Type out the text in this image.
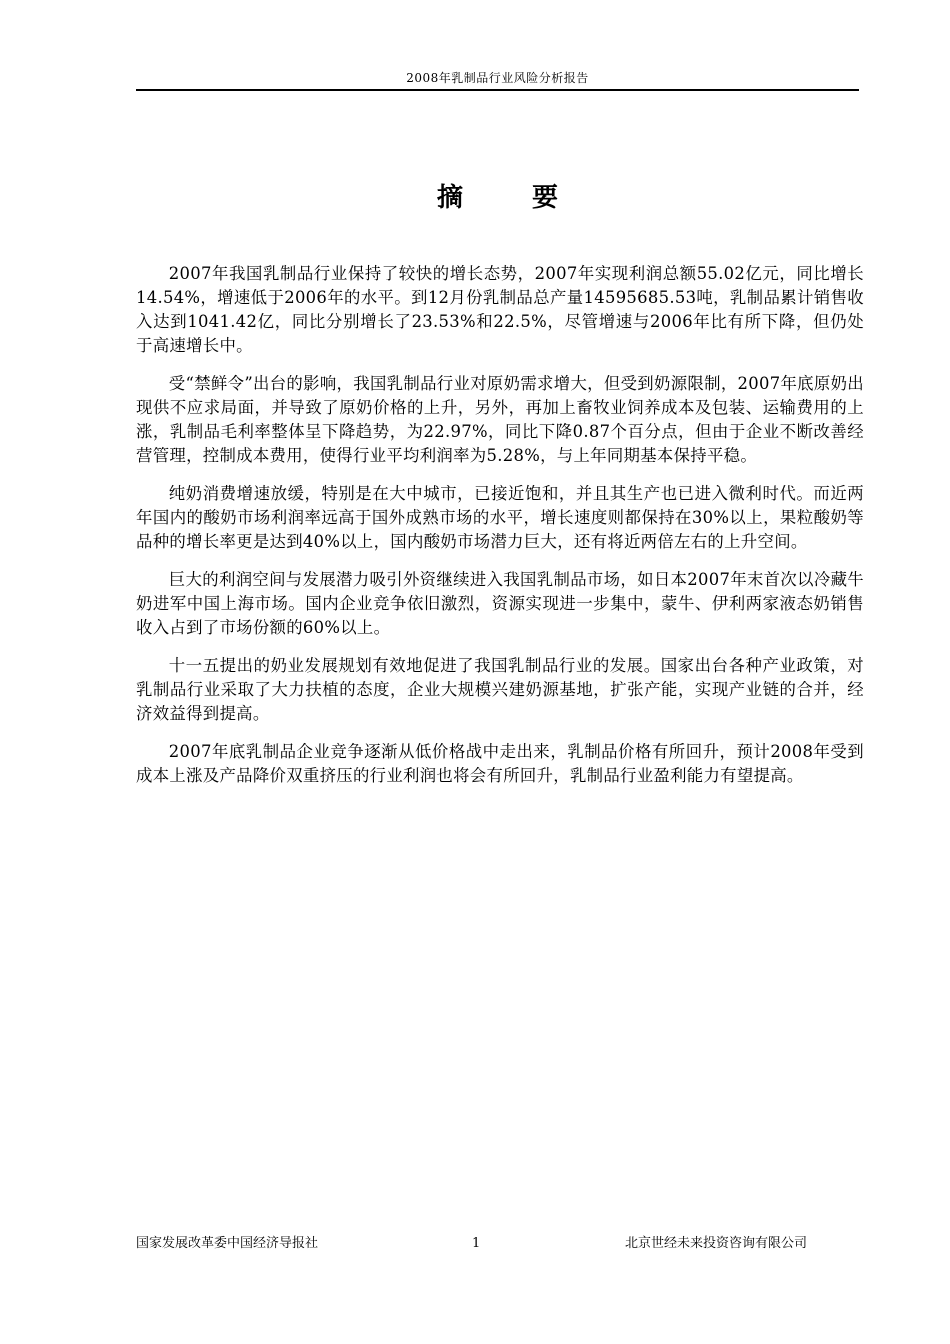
2008年乳制品行业风险分析报告
摘 要

2007年我国乳制品行业保持了较快的增长态势，2007年实现利润总额55.02亿元，同比增长14.54%，增速低于2006年的水平。到12月份乳制品总产量14595685.53吨，乳制品累计销售收入达到1041.42亿，同比分别增长了23.53%和22.5%，尽管增速与2006年比有所下降，但仍处于高速增长中。

受“禁鲜令”出台的影响，我国乳制品行业对原奶需求增大，但受到奶源限制，2007年底原奶出现供不应求局面，并导致了原奶价格的上升，另外，再加上畜牧业饲养成本及包装、运输费用的上涨，乳制品毛利率整体呈下降趋势，为22.97%，同比下降0.87个百分点，但由于企业不断改善经营管理，控制成本费用，使得行业平均利润率为5.28%，与上年同期基本保持平稳。

纯奶消费增速放缓，特别是在大中城市，已接近饱和，并且其生产也已进入微利时代。而近两年国内的酸奶市场利润率远高于国外成熟市场的水平，增长速度则都保持在30%以上，果粒酸奶等品种的增长率更是达到40%以上，国内酸奶市场潜力巨大，还有将近两倍左右的上升空间。

巨大的利润空间与发展潜力吸引外资继续进入我国乳制品市场，如日本2007年末首次以冷藏牛奶进军中国上海市场。国内企业竞争依旧激烈，资源实现进一步集中，蒙牛、伊利两家液态奶销售收入占到了市场份额的60%以上。

十一五提出的奶业发展规划有效地促进了我国乳制品行业的发展。国家出台各种产业政策，对乳制品行业采取了大力扶植的态度，企业大规模兴建奶源基地，扩张产能，实现产业链的合并，经济效益得到提高。

2007年底乳制品企业竞争逐渐从低价格战中走出来，乳制品价格有所回升，预计2008年受到成本上涨及产品降价双重挤压的行业利润也将会有所回升，乳制品行业盈利能力有望提高。

国家发展改革委中国经济导报社	1	北京世经未来投资咨询有限公司
